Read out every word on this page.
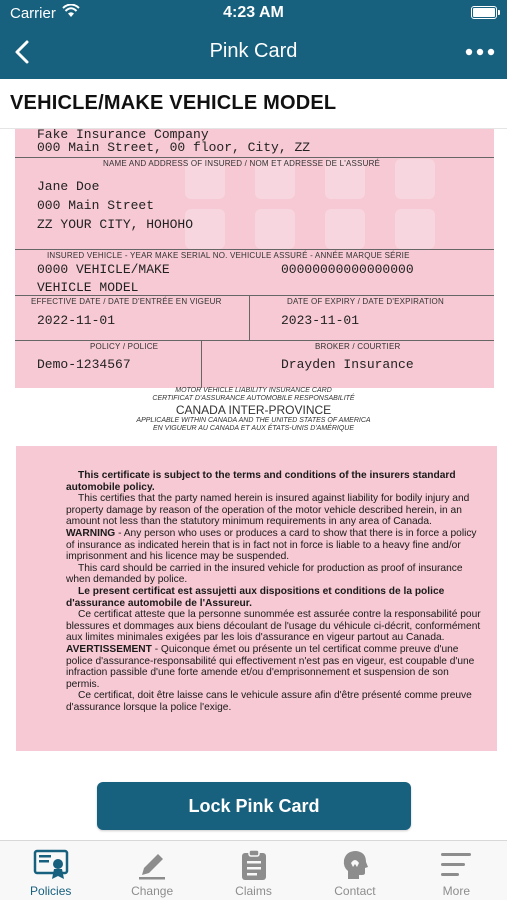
Carrier	4:23 AM
Pink Card
VEHICLE/MAKE VEHICLE MODEL
Fake Insurance Company
000 Main Street, 00 floor, City, ZZ
NAME AND ADDRESS OF INSURED / NOM ET ADRESSE DE L'ASSURÉ
Jane Doe
000 Main Street
ZZ YOUR CITY, HOHOHO
INSURED VEHICLE - YEAR MAKE SERIAL NO. VEHICULE ASSURÉ - ANNÉE MARQUE SÉRIE
0000 VEHICLE/MAKE	00000000000000000
VEHICLE MODEL
EFFECTIVE DATE / DATE D'ENTRÉE EN VIGEUR	DATE OF EXPIRY / DATE D'EXPIRATION
2022-11-01	2023-11-01
POLICY / POLICE	BROKER / COURTIER
Demo-1234567	Drayden Insurance
MOTOR VEHICLE LIABILITY INSURANCE CARD
CERTIFICAT D'ASSURANCE AUTOMOBILE RESPONSABILITÉ
CANADA INTER-PROVINCE
APPLICABLE WITHIN CANADA AND THE UNITED STATES OF AMERICA
EN VIGUEUR AU CANADA ET AUX ÉTATS-UNIS D'AMÉRIQUE

This certificate is subject to the terms and conditions of the insurers standard automobile policy.

This certifies that the party named herein is insured against liability for bodily injury and property damage by reason of the operation of the motor vehicle described herein, in an amount not less than the statutory minimum requirements in any area of Canada.

WARNING - Any person who uses or produces a card to show that there is in force a policy of insurance as indicated herein that is in fact not in force is liable to a heavy fine and/or imprisonment and his licence may be suspended.

This card should be carried in the insured vehicle for production as proof of insurance when demanded by police.

Le present certificat est assujetti aux dispositions et conditions de la police d'assurance automobile de l'Assureur.

Ce certificat atteste que la personne sunommée est assurée contre la responsabilité pour blessures et dommages aux biens découlant de l'usage du véhicule ci-décrit, conformément aux limites minimales exigées par les lois d'assurance en vigeur partout au Canada.

AVERTISSEMENT - Quiconque émet ou présente un tel certificat comme preuve d'une police d'assurance-responsabilité qui effectivement n'est pas en vigeur, est coupable d'une infraction passible d'une forte amende et/ou d'emprisonnement et suspension de son permis.

Ce certificat, doit être laisse cans le vehicule assure afin d'être présenté comme preuve d'assurance lorsque la police l'exige.

Lock Pink Card
Policies	Change	Claims	Contact	More
